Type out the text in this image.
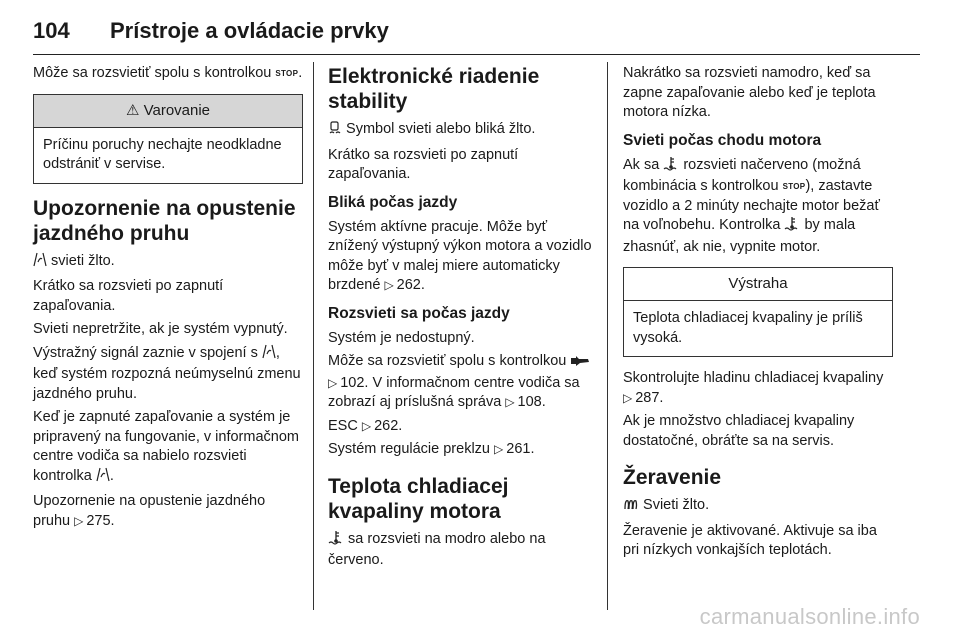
104 Prístroje a ovládacie prvky

Môže sa rozsvietiť spolu s kontrolkou STOP.

⚠ Varovanie

Príčinu poruchy nechajte neodkladne odstrániť v servise.

Upozornenie na opustenie jazdného pruhu

svieti žlto.

Krátko sa rozsvieti po zapnutí zapaľovania.

Svieti nepretržite, ak je systém vypnutý.

Výstražný signál zaznie v spojení s , keď systém rozpozná neúmyselnú zmenu jazdného pruhu.

Keď je zapnuté zapaľovanie a systém je pripravený na fungovanie, v informačnom centre vodiča sa nabielo rozsvieti kontrolka .

Upozornenie na opustenie jazdného pruhu ▷ 275.

Elektronické riadenie stability

Symbol svieti alebo bliká žlto.

Krátko sa rozsvieti po zapnutí zapaľovania.

Bliká počas jazdy

Systém aktívne pracuje. Môže byť znížený výstupný výkon motora a vozidlo môže byť v malej miere automaticky brzdené ▷ 262.

Rozsvieti sa počas jazdy

Systém je nedostupný.

Môže sa rozsvietiť spolu s kontrolkou  ▷ 102. V informačnom centre vodiča sa zobrazí aj príslušná správa ▷ 108.

ESC ▷ 262.

Systém regulácie preklzu ▷ 261.

Teplota chladiacej kvapaliny motora

sa rozsvieti na modro alebo na červeno.

Nakrátko sa rozsvieti namodro, keď sa zapne zapaľovanie alebo keď je teplota motora nízka.

Svieti počas chodu motora

Ak sa rozsvieti načerveno (možná kombinácia s kontrolkou STOP), zastavte vozidlo a 2 minúty nechajte motor bežať na voľnobehu. Kontrolka by mala zhasnúť, ak nie, vypnite motor.

Výstraha

Teplota chladiacej kvapaliny je príliš vysoká.

Skontrolujte hladinu chladiacej kvapaliny ▷ 287.

Ak je množstvo chladiacej kvapaliny dostatočné, obráťte sa na servis.

Žeravenie

Svieti žlto.

Žeravenie je aktivované. Aktivuje sa iba pri nízkych vonkajších teplotách.

carmanualsonline.info
